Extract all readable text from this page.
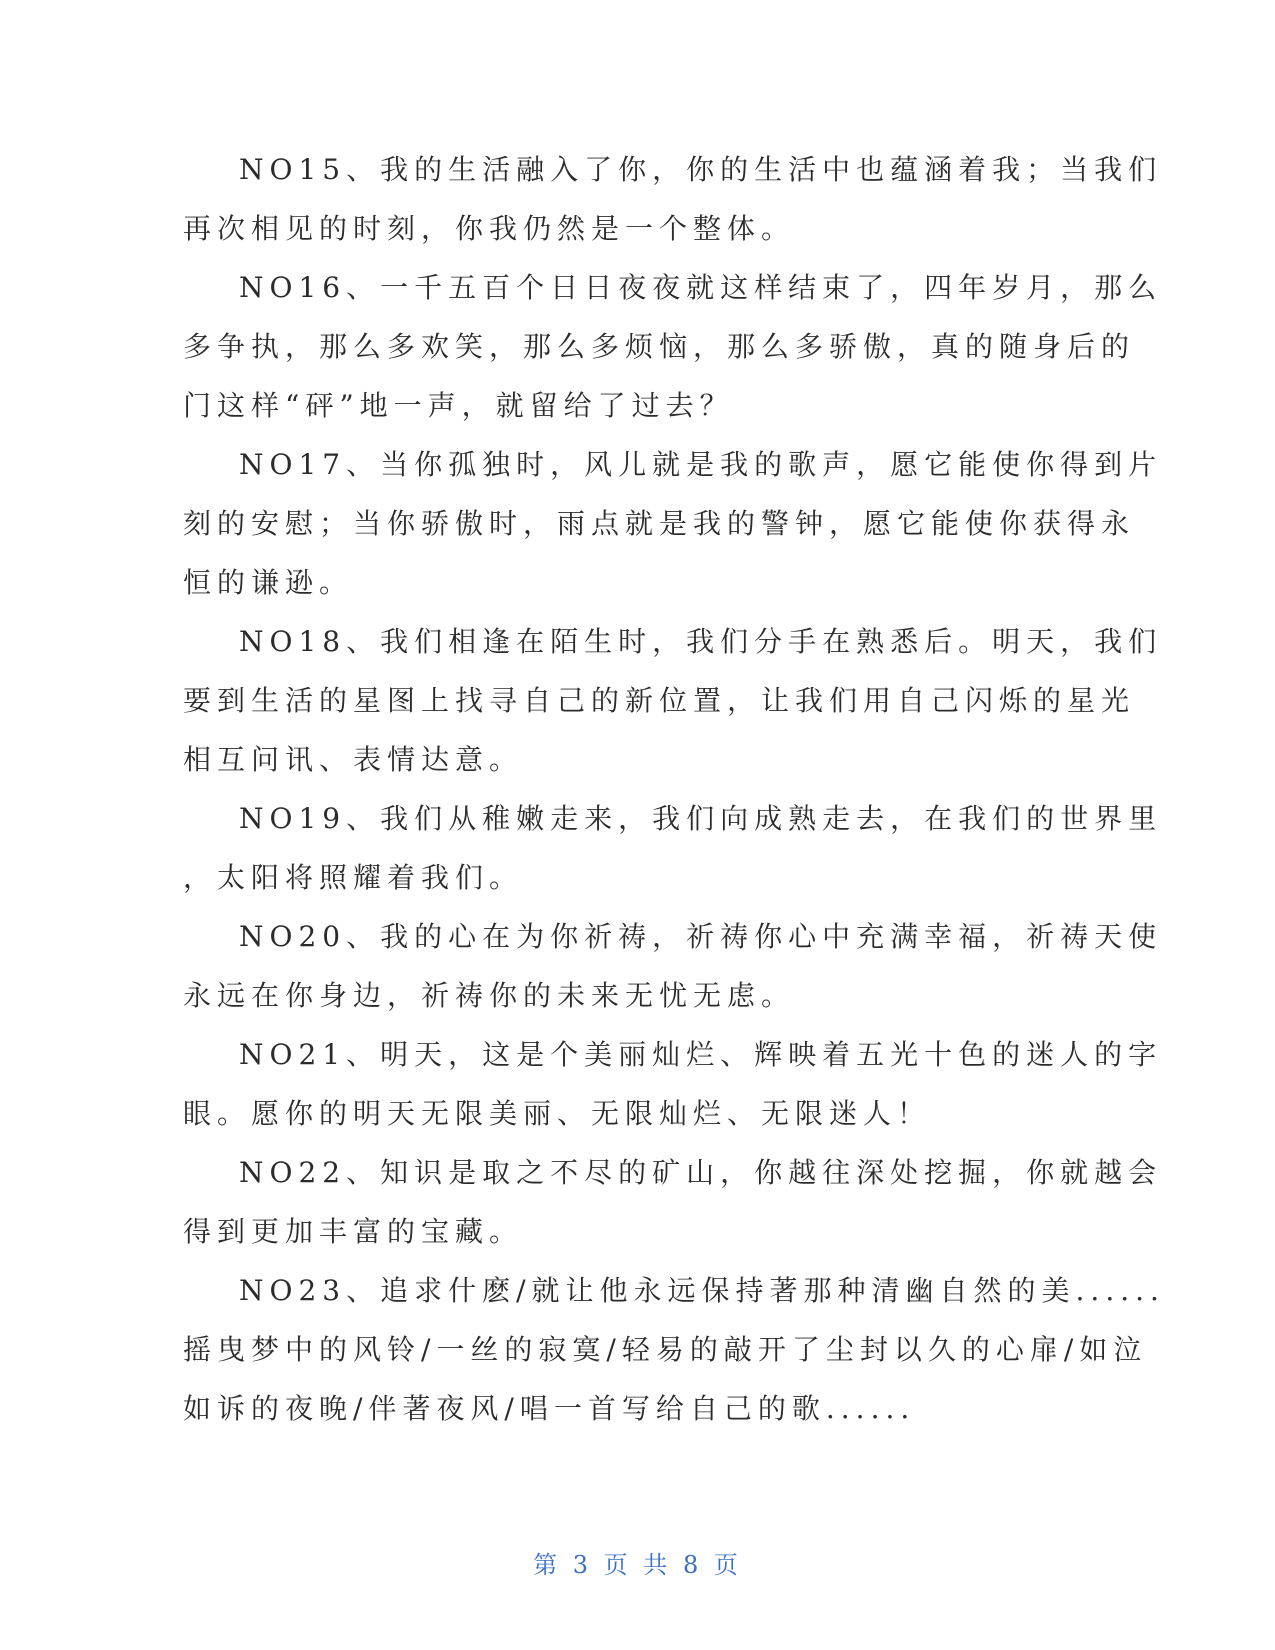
NO15、我的生活融入了你，你的生活中也蕴涵着我；当我们
再次相见的时刻，你我仍然是一个整体。
NO16、一千五百个日日夜夜就这样结束了，四年岁月，那么
多争执，那么多欢笑，那么多烦恼，那么多骄傲，真的随身后的
门这样“砰”地一声，就留给了过去？
NO17、当你孤独时，风儿就是我的歌声，愿它能使你得到片
刻的安慰；当你骄傲时，雨点就是我的警钟，愿它能使你获得永
恒的谦逊。
NO18、我们相逢在陌生时，我们分手在熟悉后。明天，我们
要到生活的星图上找寻自己的新位置，让我们用自己闪烁的星光
相互问讯、表情达意。
NO19、我们从稚嫩走来，我们向成熟走去，在我们的世界里
，太阳将照耀着我们。
NO20、我的心在为你祈祷，祈祷你心中充满幸福，祈祷天使
永远在你身边，祈祷你的未来无忧无虑。
NO21、明天，这是个美丽灿烂、辉映着五光十色的迷人的字
眼。愿你的明天无限美丽、无限灿烂、无限迷人！
NO22、知识是取之不尽的矿山，你越往深处挖掘，你就越会
得到更加丰富的宝藏。
NO23、追求什麽/就让他永远保持著那种清幽自然的美......
摇曳梦中的风铃/一丝的寂寞/轻易的敲开了尘封以久的心扉/如泣
如诉的夜晚/伴著夜风/唱一首写给自己的歌......
第 3 页 共 8 页
